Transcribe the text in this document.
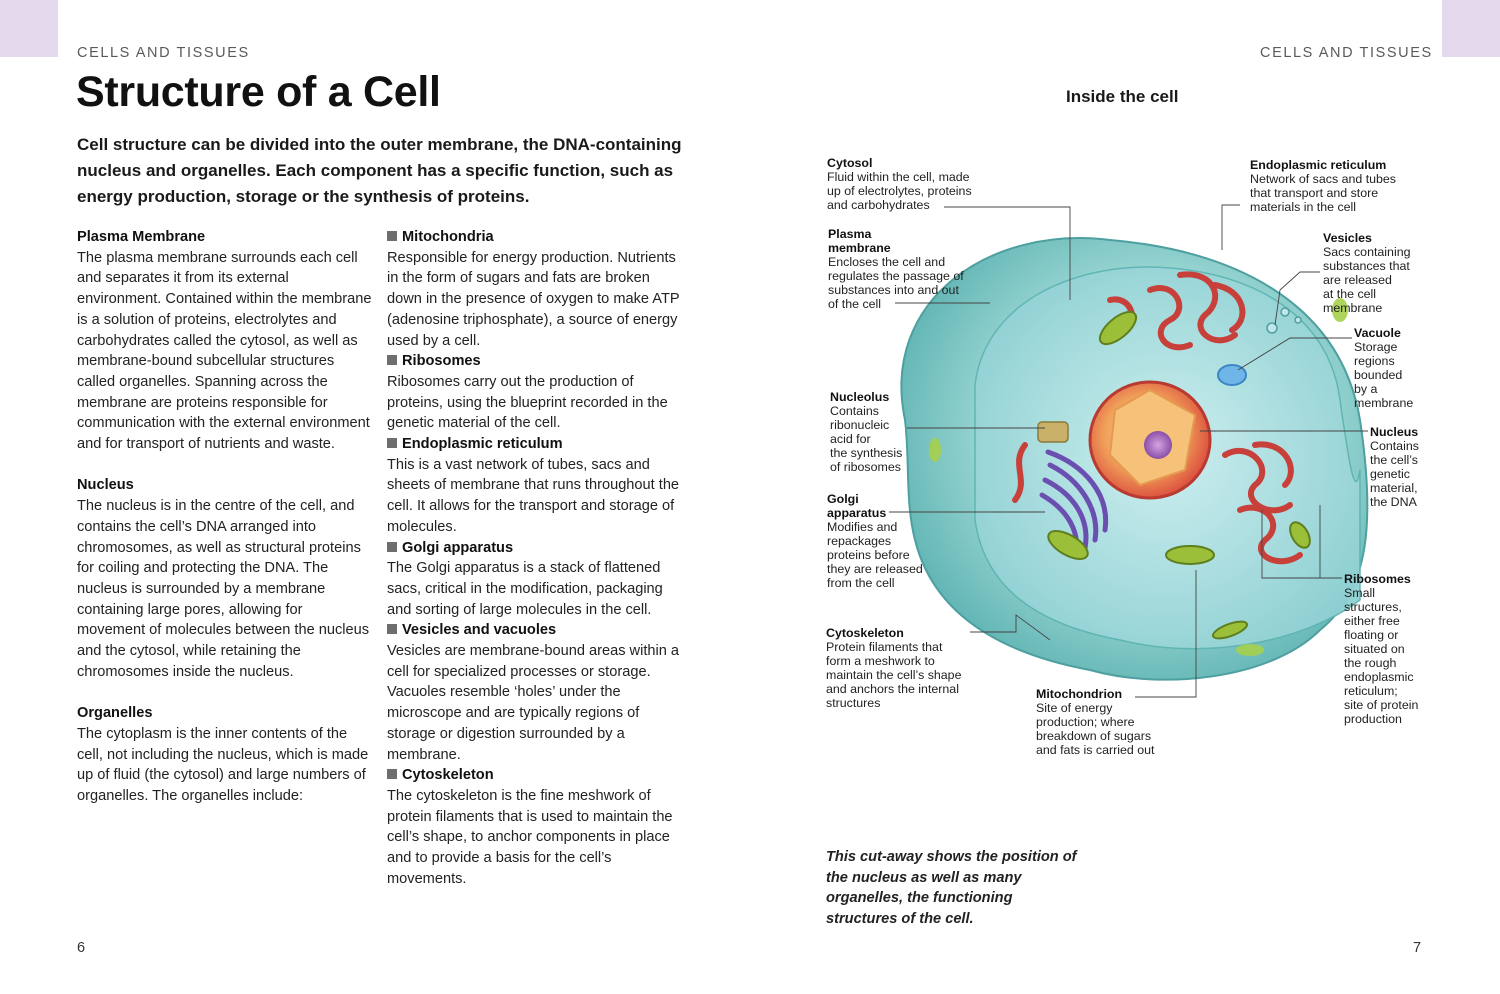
CELLS AND TISSUES	CELLS AND TISSUES
Structure of a Cell
Cell structure can be divided into the outer membrane, the DNA-containing nucleus and organelles. Each component has a specific function, such as energy production, storage or the synthesis of proteins.
Plasma Membrane

The plasma membrane surrounds each cell and separates it from its external environment. Contained within the membrane is a solution of proteins, electrolytes and carbohydrates called the cytosol, as well as membrane-bound subcellular structures called organelles. Spanning across the membrane are proteins responsible for communication with the external environment and for transport of nutrients and waste.

Nucleus

The nucleus is in the centre of the cell, and contains the cell’s DNA arranged into chromosomes, as well as structural proteins for coiling and protecting the DNA. The nucleus is surrounded by a membrane containing large pores, allowing for movement of molecules between the nucleus and the cytosol, while retaining the chromosomes inside the nucleus.

Organelles

The cytoplasm is the inner contents of the cell, not including the nucleus, which is made up of fluid (the cytosol) and large numbers of organelles. The organelles include:

Mitochondria

Responsible for energy production. Nutrients in the form of sugars and fats are broken down in the presence of oxygen to make ATP (adenosine triphosphate), a source of energy used by a cell.

Ribosomes

Ribosomes carry out the production of proteins, using the blueprint recorded in the genetic material of the cell.

Endoplasmic reticulum

This is a vast network of tubes, sacs and sheets of membrane that runs throughout the cell. It allows for the transport and storage of molecules.

Golgi apparatus

The Golgi apparatus is a stack of flattened sacs, critical in the modification, packaging and sorting of large molecules in the cell.

Vesicles and vacuoles

Vesicles are membrane-bound areas within a cell for specialized processes or storage. Vacuoles resemble ‘holes’ under the microscope and are typically regions of storage or digestion surrounded by a membrane.

Cytoskeleton

The cytoskeleton is the fine meshwork of protein filaments that is used to maintain the cell’s shape, to anchor components in place and to provide a basis for the cell’s movements.

Inside the cell
Cytosol
Fluid within the cell, made
up of electrolytes, proteins
and carbohydrates
Plasma
membrane
Encloses the cell and
regulates the passage of
substances into and out
of the cell
Nucleolus
Contains
ribonucleic
acid for
the synthesis
of ribosomes
Golgi
apparatus
Modifies and
repackages
proteins before
they are released
from the cell
Cytoskeleton
Protein filaments that
form a meshwork to
maintain the cell’s shape
and anchors the internal
structures
Mitochondrion
Site of energy
production; where
breakdown of sugars
and fats is carried out
Endoplasmic reticulum
Network of sacs and tubes
that transport and store
materials in the cell
Vesicles
Sacs containing
substances that
are released
at the cell
membrane
Vacuole
Storage
regions
bounded
by a
membrane
Nucleus
Contains
the cell’s
genetic
material,
the DNA
Ribosomes
Small
structures,
either free
floating or
situated on
the rough
endoplasmic
reticulum;
site of protein
production
This cut-away shows the position of the nucleus as well as many organelles, the functioning structures of the cell.
6	7
